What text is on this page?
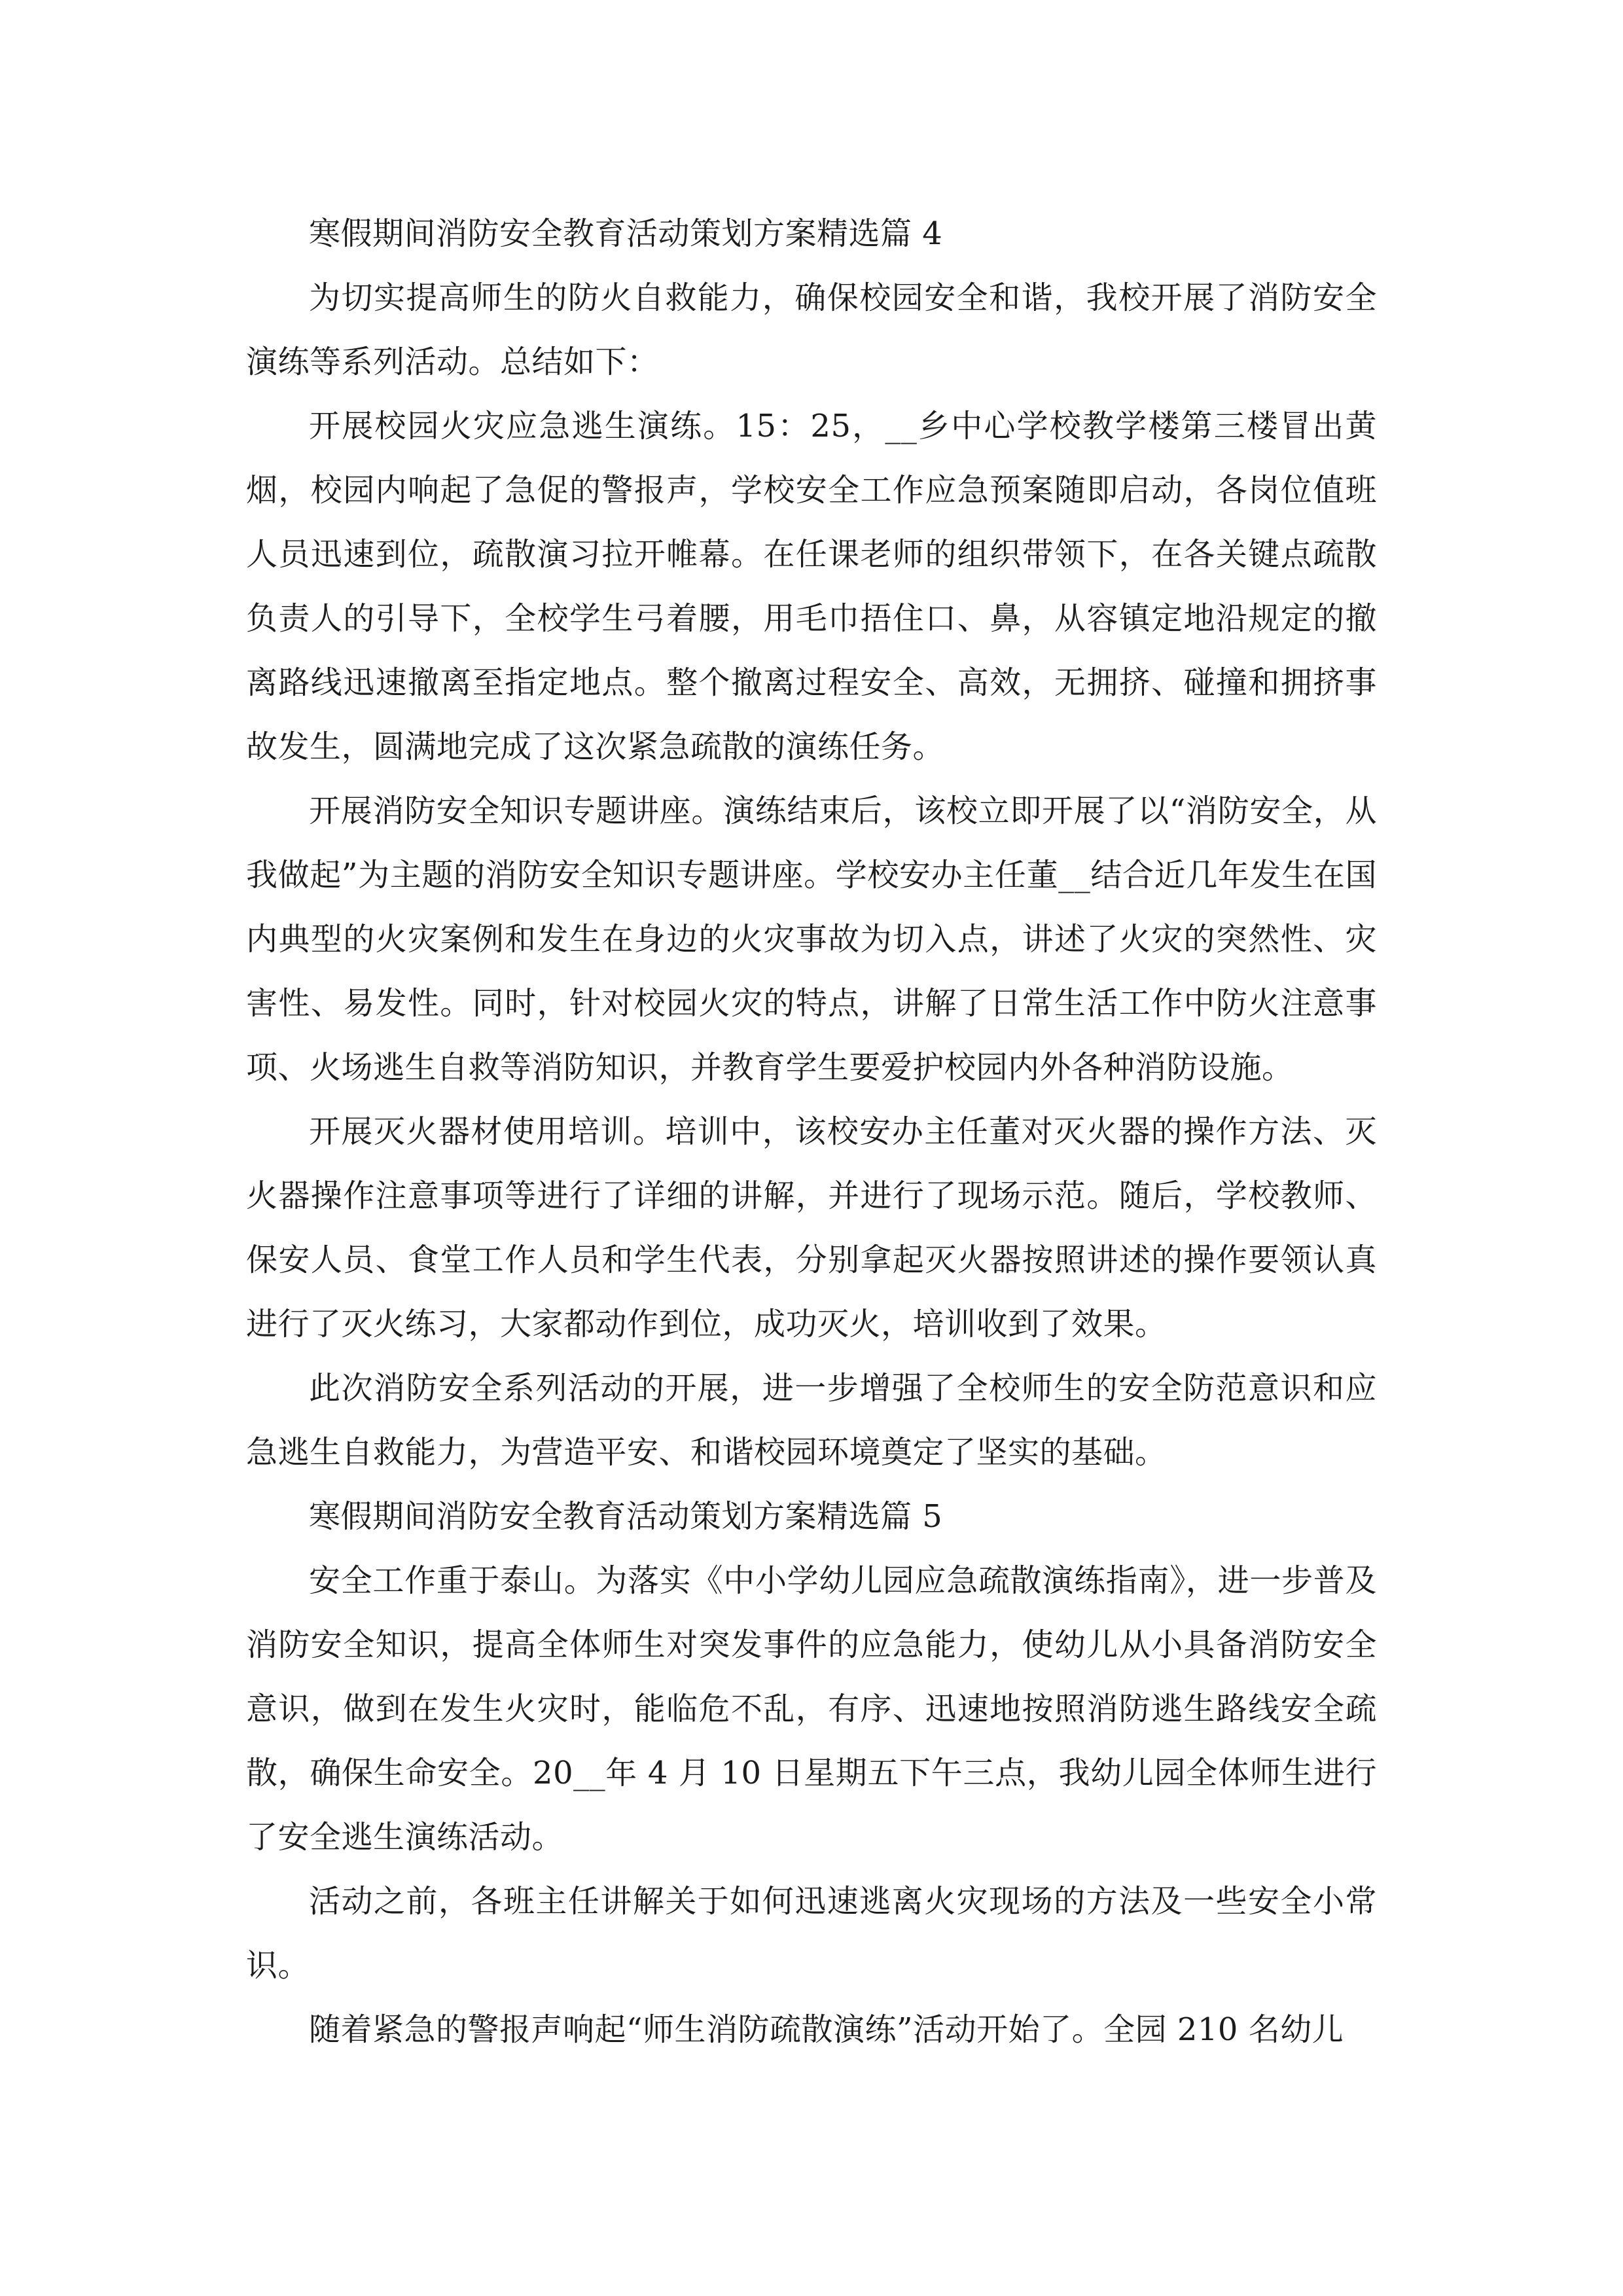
寒假期间消防安全教育活动策划方案精选篇 4

为切实提高师生的防火自救能力，确保校园安全和谐，我校开展了消防安全演练等系列活动。总结如下：

开展校园火灾应急逃生演练。15：25，__乡中心学校教学楼第三楼冒出黄烟，校园内响起了急促的警报声，学校安全工作应急预案随即启动，各岗位值班人员迅速到位，疏散演习拉开帷幕。在任课老师的组织带领下，在各关键点疏散负责人的引导下，全校学生弓着腰，用毛巾捂住口、鼻，从容镇定地沿规定的撤离路线迅速撤离至指定地点。整个撤离过程安全、高效，无拥挤、碰撞和拥挤事故发生，圆满地完成了这次紧急疏散的演练任务。

开展消防安全知识专题讲座。演练结束后，该校立即开展了以“消防安全，从我做起”为主题的消防安全知识专题讲座。学校安办主任董__结合近几年发生在国内典型的火灾案例和发生在身边的火灾事故为切入点，讲述了火灾的突然性、灾害性、易发性。同时，针对校园火灾的特点，讲解了日常生活工作中防火注意事项、火场逃生自救等消防知识，并教育学生要爱护校园内外各种消防设施。

开展灭火器材使用培训。培训中，该校安办主任董对灭火器的操作方法、灭火器操作注意事项等进行了详细的讲解，并进行了现场示范。随后，学校教师、保安人员、食堂工作人员和学生代表，分别拿起灭火器按照讲述的操作要领认真进行了灭火练习，大家都动作到位，成功灭火，培训收到了效果。

此次消防安全系列活动的开展，进一步增强了全校师生的安全防范意识和应急逃生自救能力，为营造平安、和谐校园环境奠定了坚实的基础。

寒假期间消防安全教育活动策划方案精选篇 5

安全工作重于泰山。为落实《中小学幼儿园应急疏散演练指南》，进一步普及消防安全知识，提高全体师生对突发事件的应急能力，使幼儿从小具备消防安全意识，做到在发生火灾时，能临危不乱，有序、迅速地按照消防逃生路线安全疏散，确保生命安全。20__年 4 月 10 日星期五下午三点，我幼儿园全体师生进行了安全逃生演练活动。

活动之前，各班主任讲解关于如何迅速逃离火灾现场的方法及一些安全小常识。

随着紧急的警报声响起“师生消防疏散演练”活动开始了。全园 210 名幼儿
